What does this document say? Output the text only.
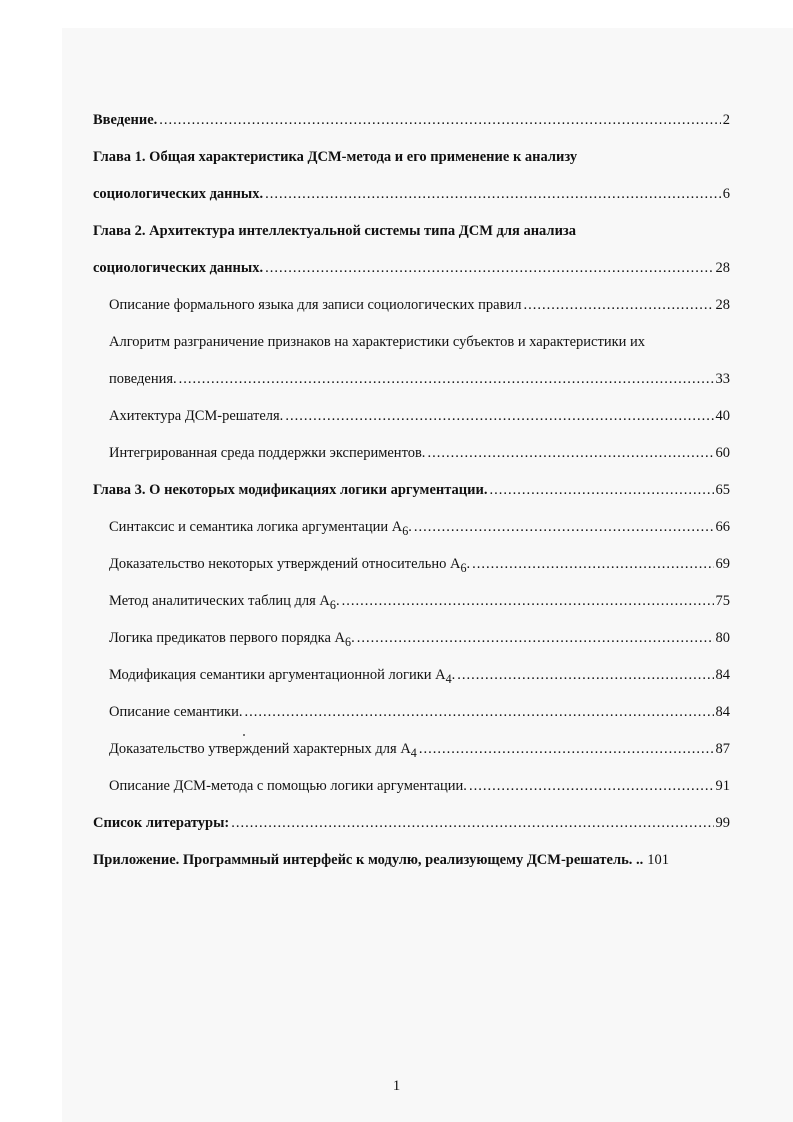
Введение. .....	2
Глава 1. Общая характеристика ДСМ-метода и его применение к анализу
социологических данных. .....	6
Глава 2. Архитектура интеллектуальной системы типа ДСМ для анализа
социологических данных. .....	28
Описание формального языка для записи социологических правил .....	28
Алгоритм разграничение признаков на характеристики субъектов и характеристики их
поведения. .....	33
Ахитектура ДСМ-решателя. .....	40
Интегрированная среда поддержки экспериментов. .....	60
Глава 3. О некоторых модификациях логики аргументации. .....	65
Синтаксис и семантика логика аргументации $A_6$. .....	66
Доказательство некоторых утверждений относительно $A_6$. .....	69
Метод аналитических таблиц для $A_6$. .....	75
Логика предикатов первого порядка $A_6$. .....	80
Модификация семантики аргументационной логики $A_4$. .....	84
Описание семантики. .....	84
Доказательство утверждений характерных для $A_4$ .....	87
Описание ДСМ-метода с помощью логики аргументации. .....	91
Список литературы: .....	99
Приложение. Программный интерфейс к модулю, реализующему ДСМ-решатель. .. 101
1
